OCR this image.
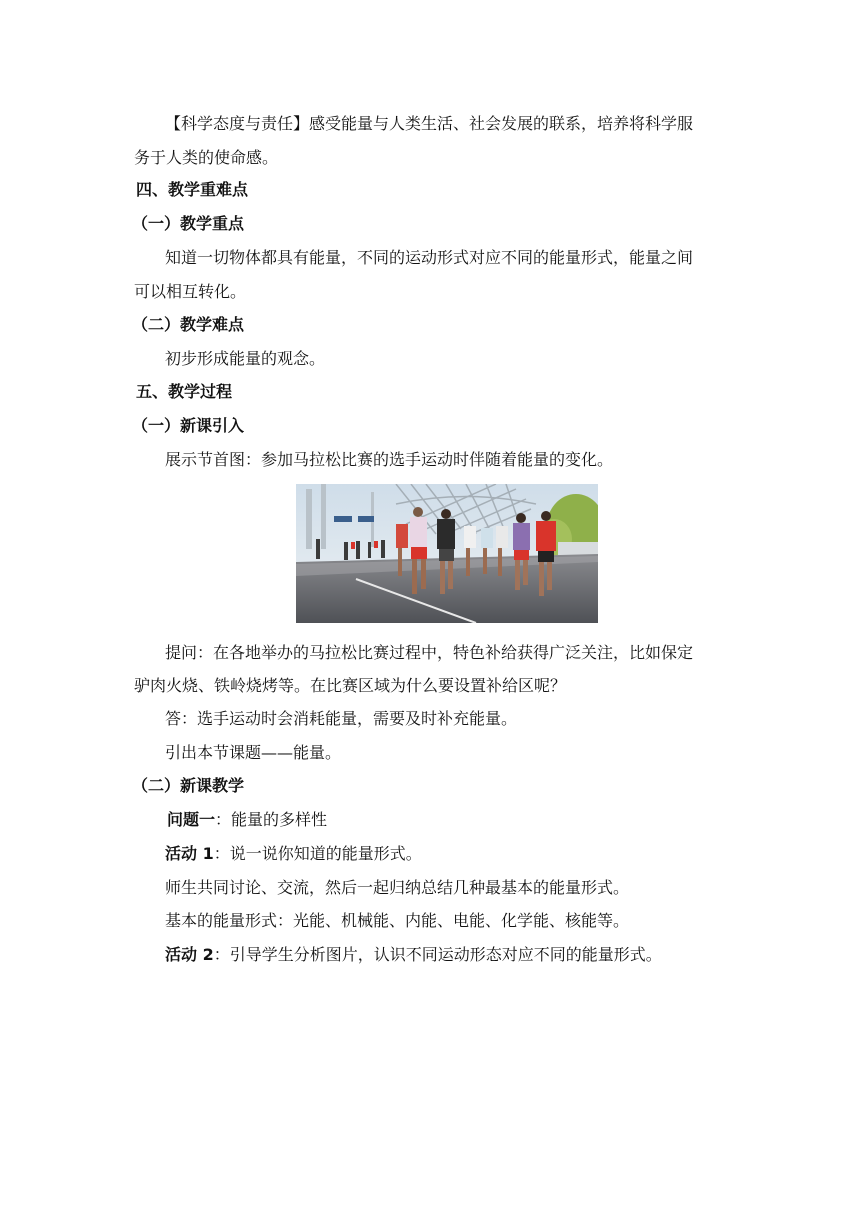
【科学态度与责任】感受能量与人类生活、社会发展的联系，培养将科学服
务于人类的使命感。
四、教学重难点
（一）教学重点
知道一切物体都具有能量，不同的运动形式对应不同的能量形式，能量之间
可以相互转化。
（二）教学难点
初步形成能量的观念。
五、教学过程
（一）新课引入
展示节首图：参加马拉松比赛的选手运动时伴随着能量的变化。
提问：在各地举办的马拉松比赛过程中，特色补给获得广泛关注，比如保定
驴肉火烧、铁岭烧烤等。在比赛区域为什么要设置补给区呢？
答：选手运动时会消耗能量，需要及时补充能量。
引出本节课题——能量。
（二）新课教学
问题一：能量的多样性
活动 1：说一说你知道的能量形式。
师生共同讨论、交流，然后一起归纳总结几种最基本的能量形式。
基本的能量形式：光能、机械能、内能、电能、化学能、核能等。
活动 2：引导学生分析图片，认识不同运动形态对应不同的能量形式。
